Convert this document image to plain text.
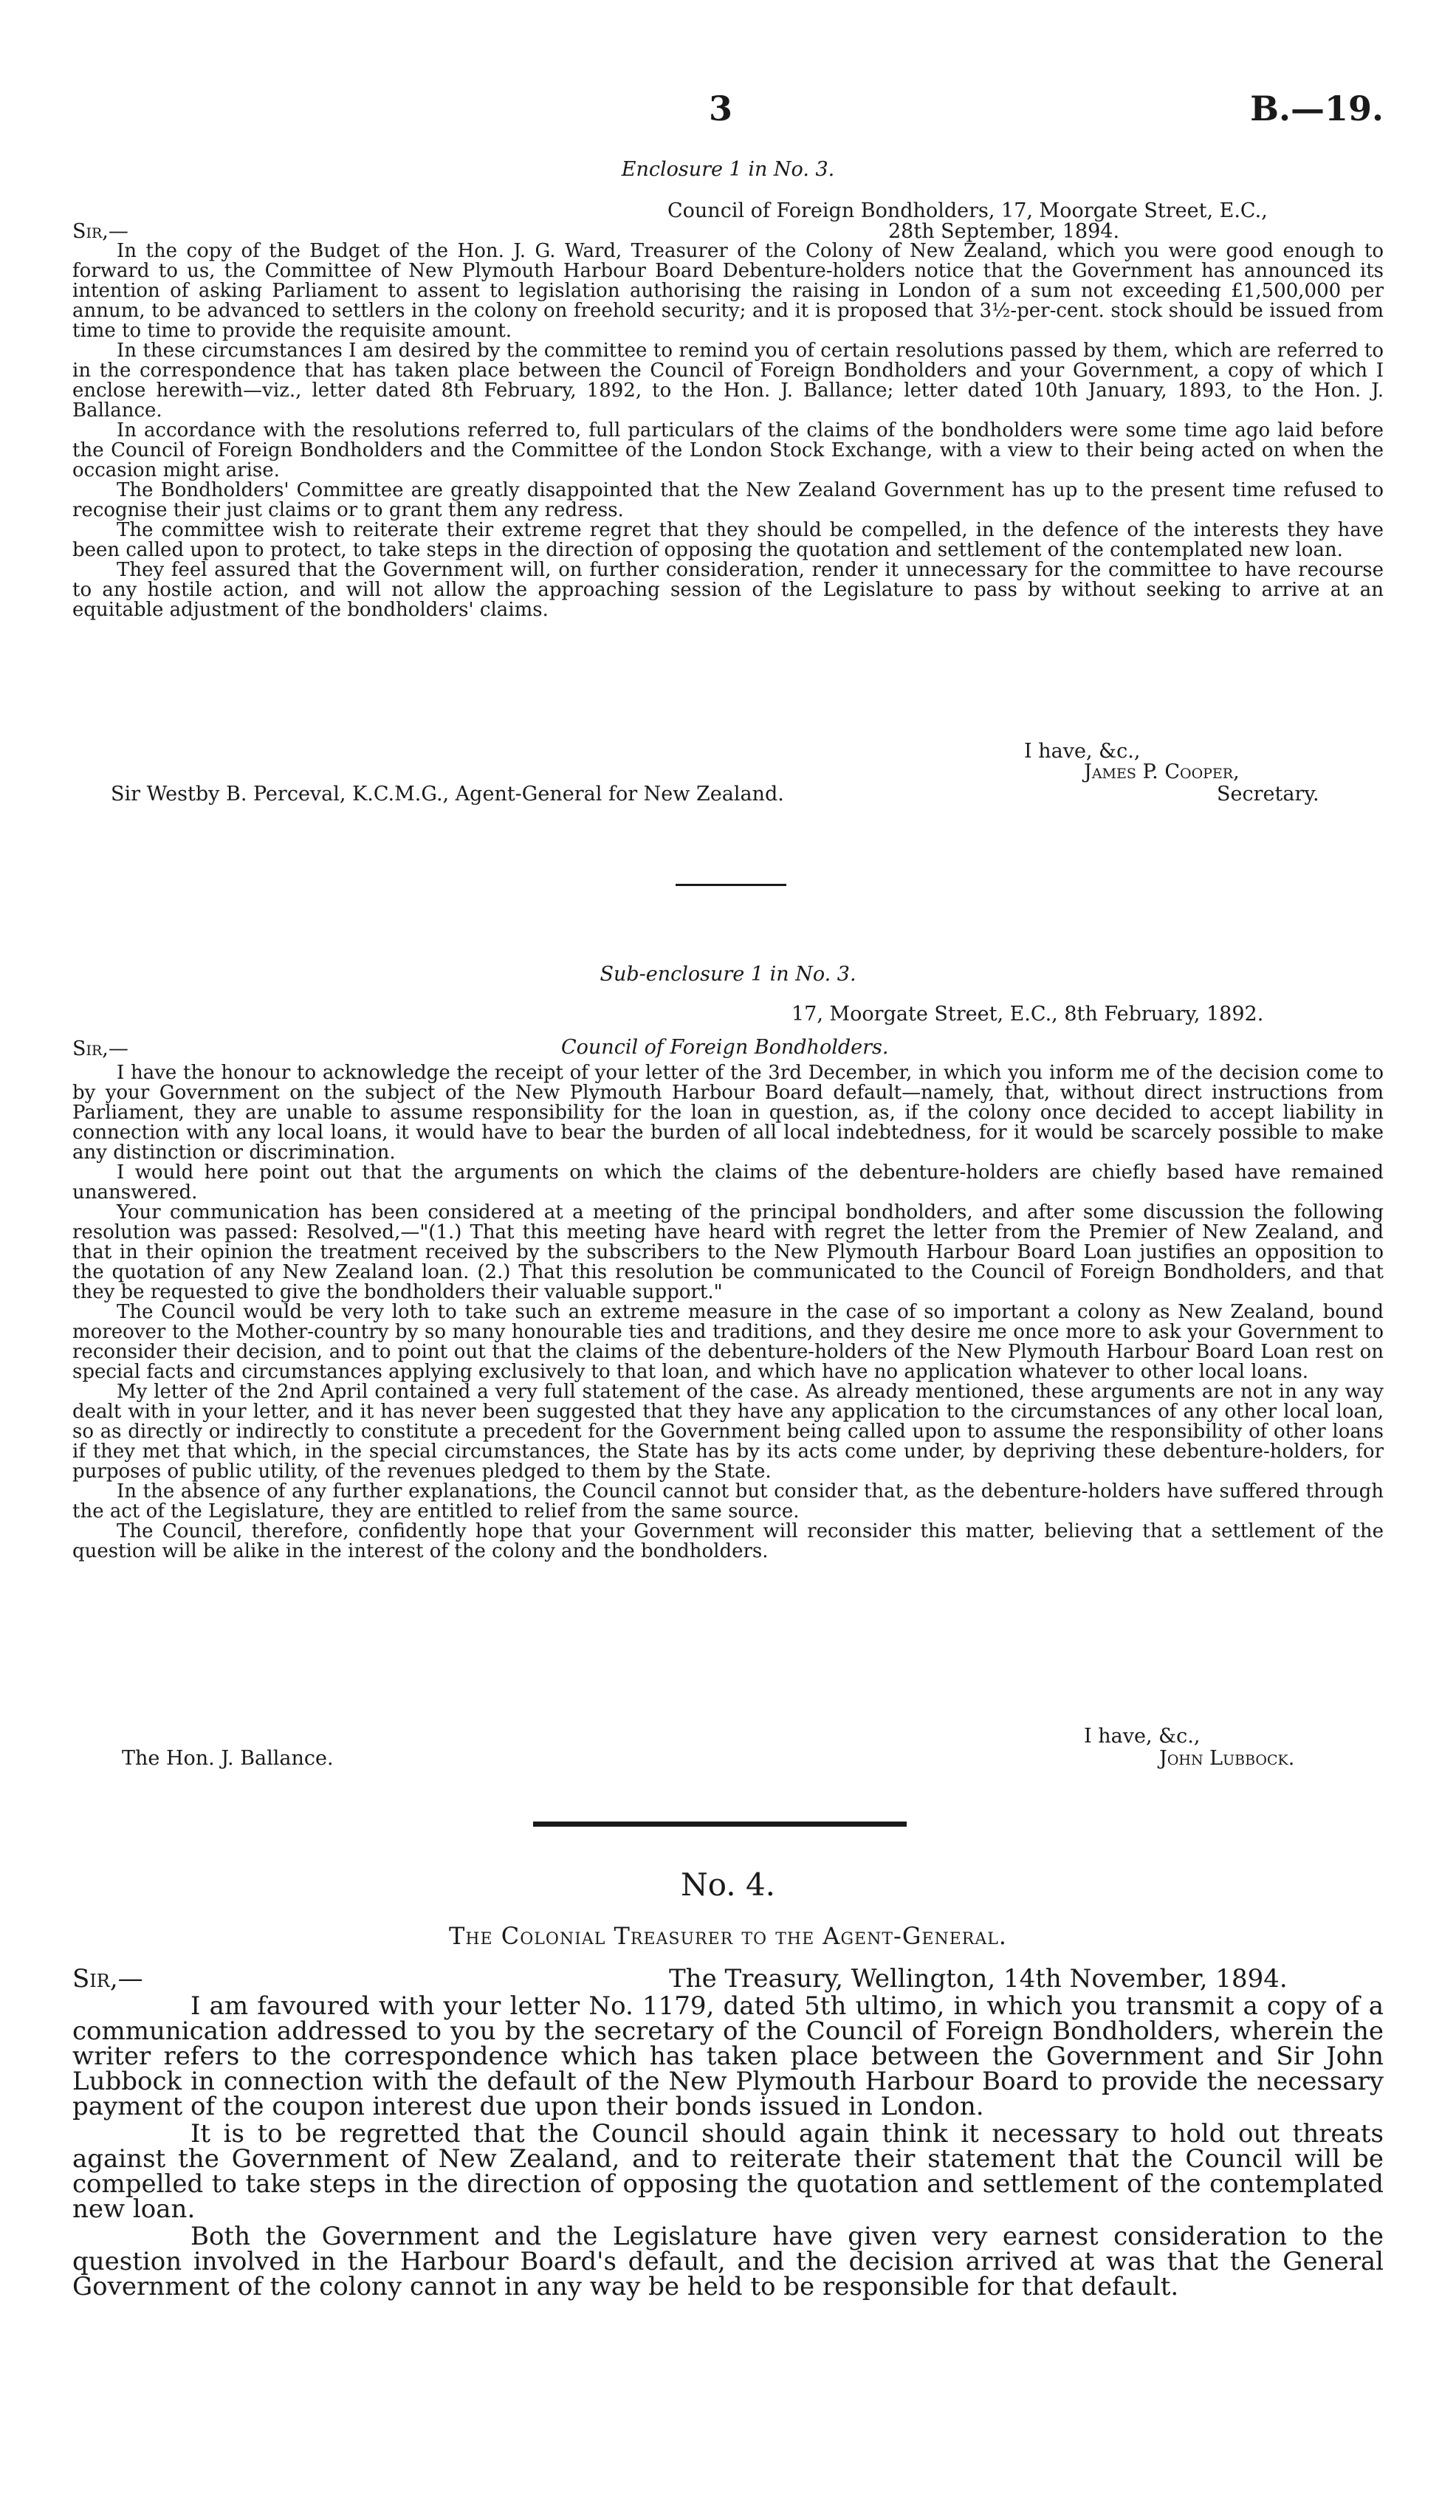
3	B.—19.
Enclosure 1 in No. 3.
Council of Foreign Bondholders, 17, Moorgate Street, E.C.,
Sir,—	28th September, 1894.

In the copy of the Budget of the Hon. J. G. Ward, Treasurer of the Colony of New Zealand, which you were good enough to forward to us, the Committee of New Plymouth Harbour Board Debenture-holders notice that the Government has announced its intention of asking Parliament to assent to legislation authorising the raising in London of a sum not exceeding £1,500,000 per annum, to be advanced to settlers in the colony on freehold security; and it is proposed that 3½-per-cent. stock should be issued from time to time to provide the requisite amount.

In these circumstances I am desired by the committee to remind you of certain resolutions passed by them, which are referred to in the correspondence that has taken place between the Council of Foreign Bondholders and your Government, a copy of which I enclose herewith—viz., letter dated 8th February, 1892, to the Hon. J. Ballance; letter dated 10th January, 1893, to the Hon. J. Ballance.

In accordance with the resolutions referred to, full particulars of the claims of the bondholders were some time ago laid before the Council of Foreign Bondholders and the Committee of the London Stock Exchange, with a view to their being acted on when the occasion might arise.

The Bondholders' Committee are greatly disappointed that the New Zealand Government has up to the present time refused to recognise their just claims or to grant them any redress.

The committee wish to reiterate their extreme regret that they should be compelled, in the defence of the interests they have been called upon to protect, to take steps in the direction of opposing the quotation and settlement of the contemplated new loan.

They feel assured that the Government will, on further consideration, render it unnecessary for the committee to have recourse to any hostile action, and will not allow the approaching session of the Legislature to pass by without seeking to arrive at an equitable adjustment of the bondholders' claims.

I have, &c.,
James P. Cooper,
Sir Westby B. Perceval, K.C.M.G., Agent-General for New Zealand.	Secretary.
Sub-enclosure 1 in No. 3.
17, Moorgate Street, E.C., 8th February, 1892.
Sir,—	Council of Foreign Bondholders.

I have the honour to acknowledge the receipt of your letter of the 3rd December, in which you inform me of the decision come to by your Government on the subject of the New Plymouth Harbour Board default—namely, that, without direct instructions from Parliament, they are unable to assume responsibility for the loan in question, as, if the colony once decided to accept liability in connection with any local loans, it would have to bear the burden of all local indebtedness, for it would be scarcely possible to make any distinction or discrimination.

I would here point out that the arguments on which the claims of the debenture-holders are chiefly based have remained unanswered.

Your communication has been considered at a meeting of the principal bondholders, and after some discussion the following resolution was passed: Resolved,—"(1.) That this meeting have heard with regret the letter from the Premier of New Zealand, and that in their opinion the treatment received by the subscribers to the New Plymouth Harbour Board Loan justifies an opposition to the quotation of any New Zealand loan. (2.) That this resolution be communicated to the Council of Foreign Bondholders, and that they be requested to give the bondholders their valuable support."

The Council would be very loth to take such an extreme measure in the case of so important a colony as New Zealand, bound moreover to the Mother-country by so many honourable ties and traditions, and they desire me once more to ask your Government to reconsider their decision, and to point out that the claims of the debenture-holders of the New Plymouth Harbour Board Loan rest on special facts and circumstances applying exclusively to that loan, and which have no application whatever to other local loans.

My letter of the 2nd April contained a very full statement of the case. As already mentioned, these arguments are not in any way dealt with in your letter, and it has never been suggested that they have any application to the circumstances of any other local loan, so as directly or indirectly to constitute a precedent for the Government being called upon to assume the responsibility of other loans if they met that which, in the special circumstances, the State has by its acts come under, by depriving these debenture-holders, for purposes of public utility, of the revenues pledged to them by the State.

In the absence of any further explanations, the Council cannot but consider that, as the debenture-holders have suffered through the act of the Legislature, they are entitled to relief from the same source.

The Council, therefore, confidently hope that your Government will reconsider this matter, believing that a settlement of the question will be alike in the interest of the colony and the bondholders.

I have, &c.,
The Hon. J. Ballance.	John Lubbock.
No. 4.
The Colonial Treasurer to the Agent-General.
Sir,—	The Treasury, Wellington, 14th November, 1894.

I am favoured with your letter No. 1179, dated 5th ultimo, in which you transmit a copy of a communication addressed to you by the secretary of the Council of Foreign Bondholders, wherein the writer refers to the correspondence which has taken place between the Government and Sir John Lubbock in connection with the default of the New Plymouth Harbour Board to provide the necessary payment of the coupon interest due upon their bonds issued in London.

It is to be regretted that the Council should again think it necessary to hold out threats against the Government of New Zealand, and to reiterate their statement that the Council will be compelled to take steps in the direction of opposing the quotation and settlement of the contemplated new loan.

Both the Government and the Legislature have given very earnest consideration to the question involved in the Harbour Board's default, and the decision arrived at was that the General Government of the colony cannot in any way be held to be responsible for that default.
